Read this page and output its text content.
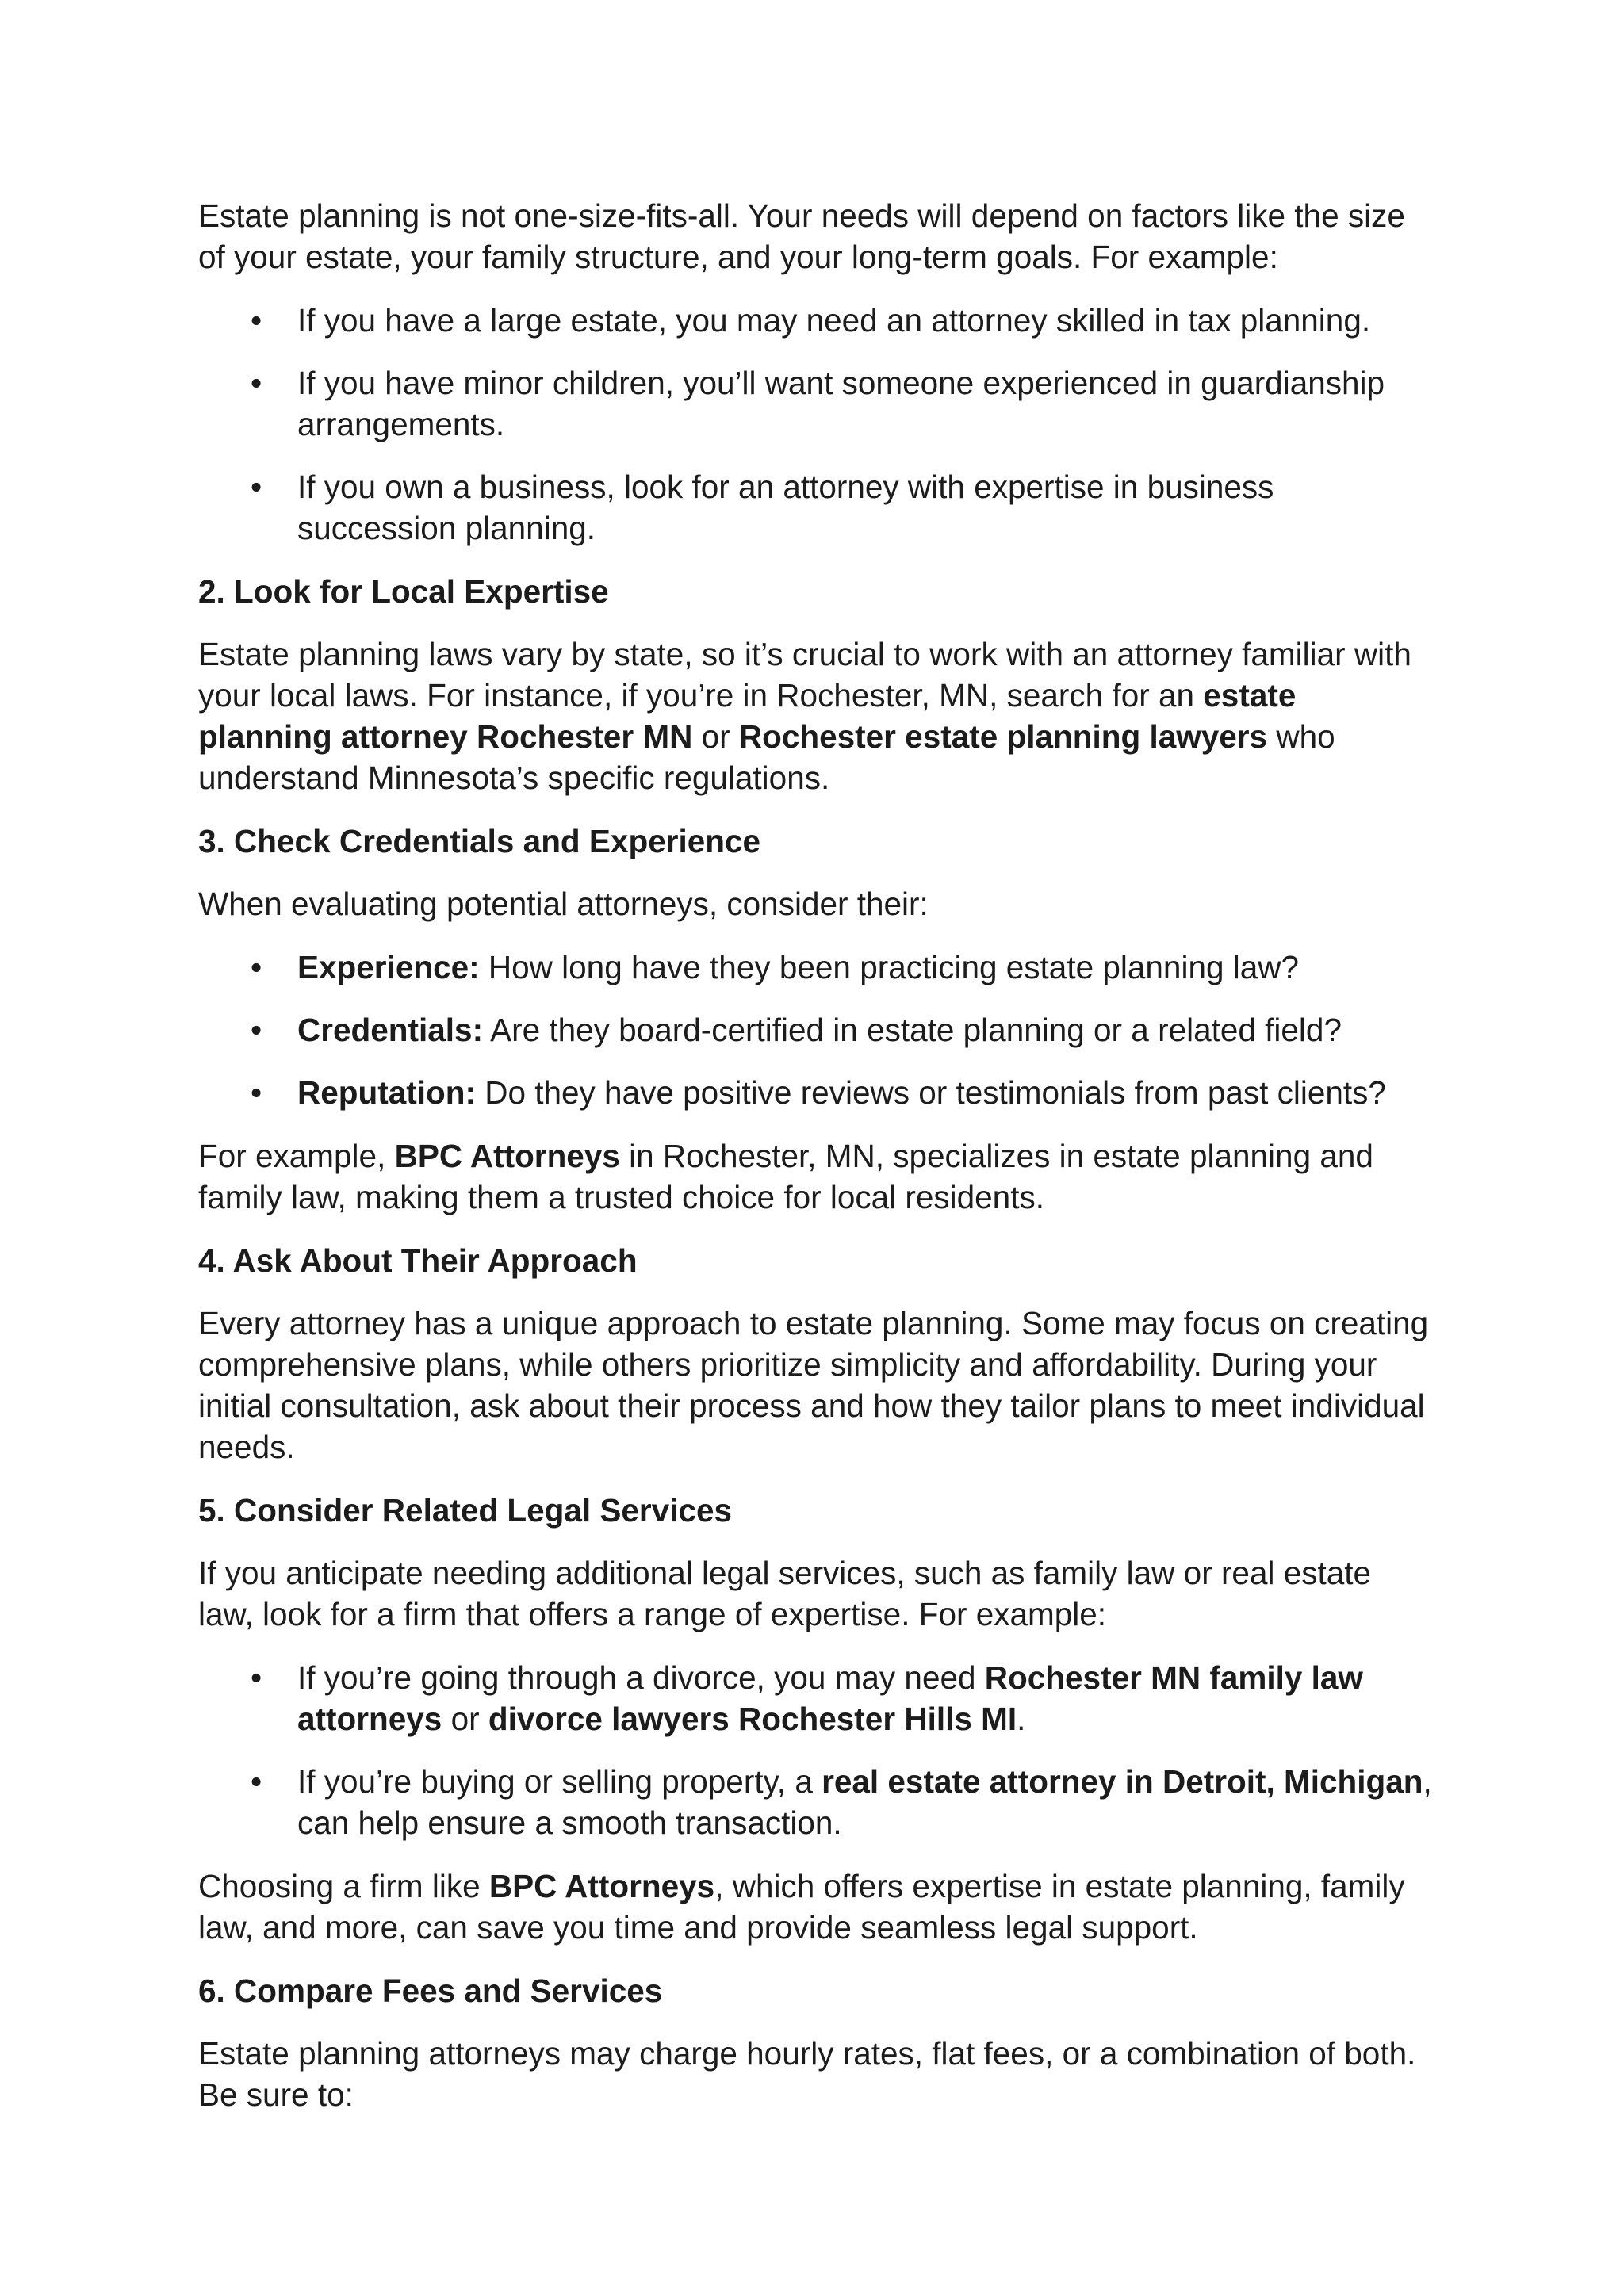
Estate planning is not one-size-fits-all. Your needs will depend on factors like the size of your estate, your family structure, and your long-term goals. For example:

• If you have a large estate, you may need an attorney skilled in tax planning.
• If you have minor children, you’ll want someone experienced in guardianship arrangements.
• If you own a business, look for an attorney with expertise in business succession planning.
2. Look for Local Expertise

Estate planning laws vary by state, so it’s crucial to work with an attorney familiar with your local laws. For instance, if you’re in Rochester, MN, search for an estate planning attorney Rochester MN or Rochester estate planning lawyers who understand Minnesota’s specific regulations.

3. Check Credentials and Experience

When evaluating potential attorneys, consider their:

• Experience: How long have they been practicing estate planning law?
• Credentials: Are they board-certified in estate planning or a related field?
• Reputation: Do they have positive reviews or testimonials from past clients?

For example, BPC Attorneys in Rochester, MN, specializes in estate planning and family law, making them a trusted choice for local residents.

4. Ask About Their Approach

Every attorney has a unique approach to estate planning. Some may focus on creating comprehensive plans, while others prioritize simplicity and affordability. During your initial consultation, ask about their process and how they tailor plans to meet individual needs.

5. Consider Related Legal Services

If you anticipate needing additional legal services, such as family law or real estate law, look for a firm that offers a range of expertise. For example:

• If you’re going through a divorce, you may need Rochester MN family law attorneys or divorce lawyers Rochester Hills MI.
• If you’re buying or selling property, a real estate attorney in Detroit, Michigan, can help ensure a smooth transaction.

Choosing a firm like BPC Attorneys, which offers expertise in estate planning, family law, and more, can save you time and provide seamless legal support.

6. Compare Fees and Services

Estate planning attorneys may charge hourly rates, flat fees, or a combination of both. Be sure to:
